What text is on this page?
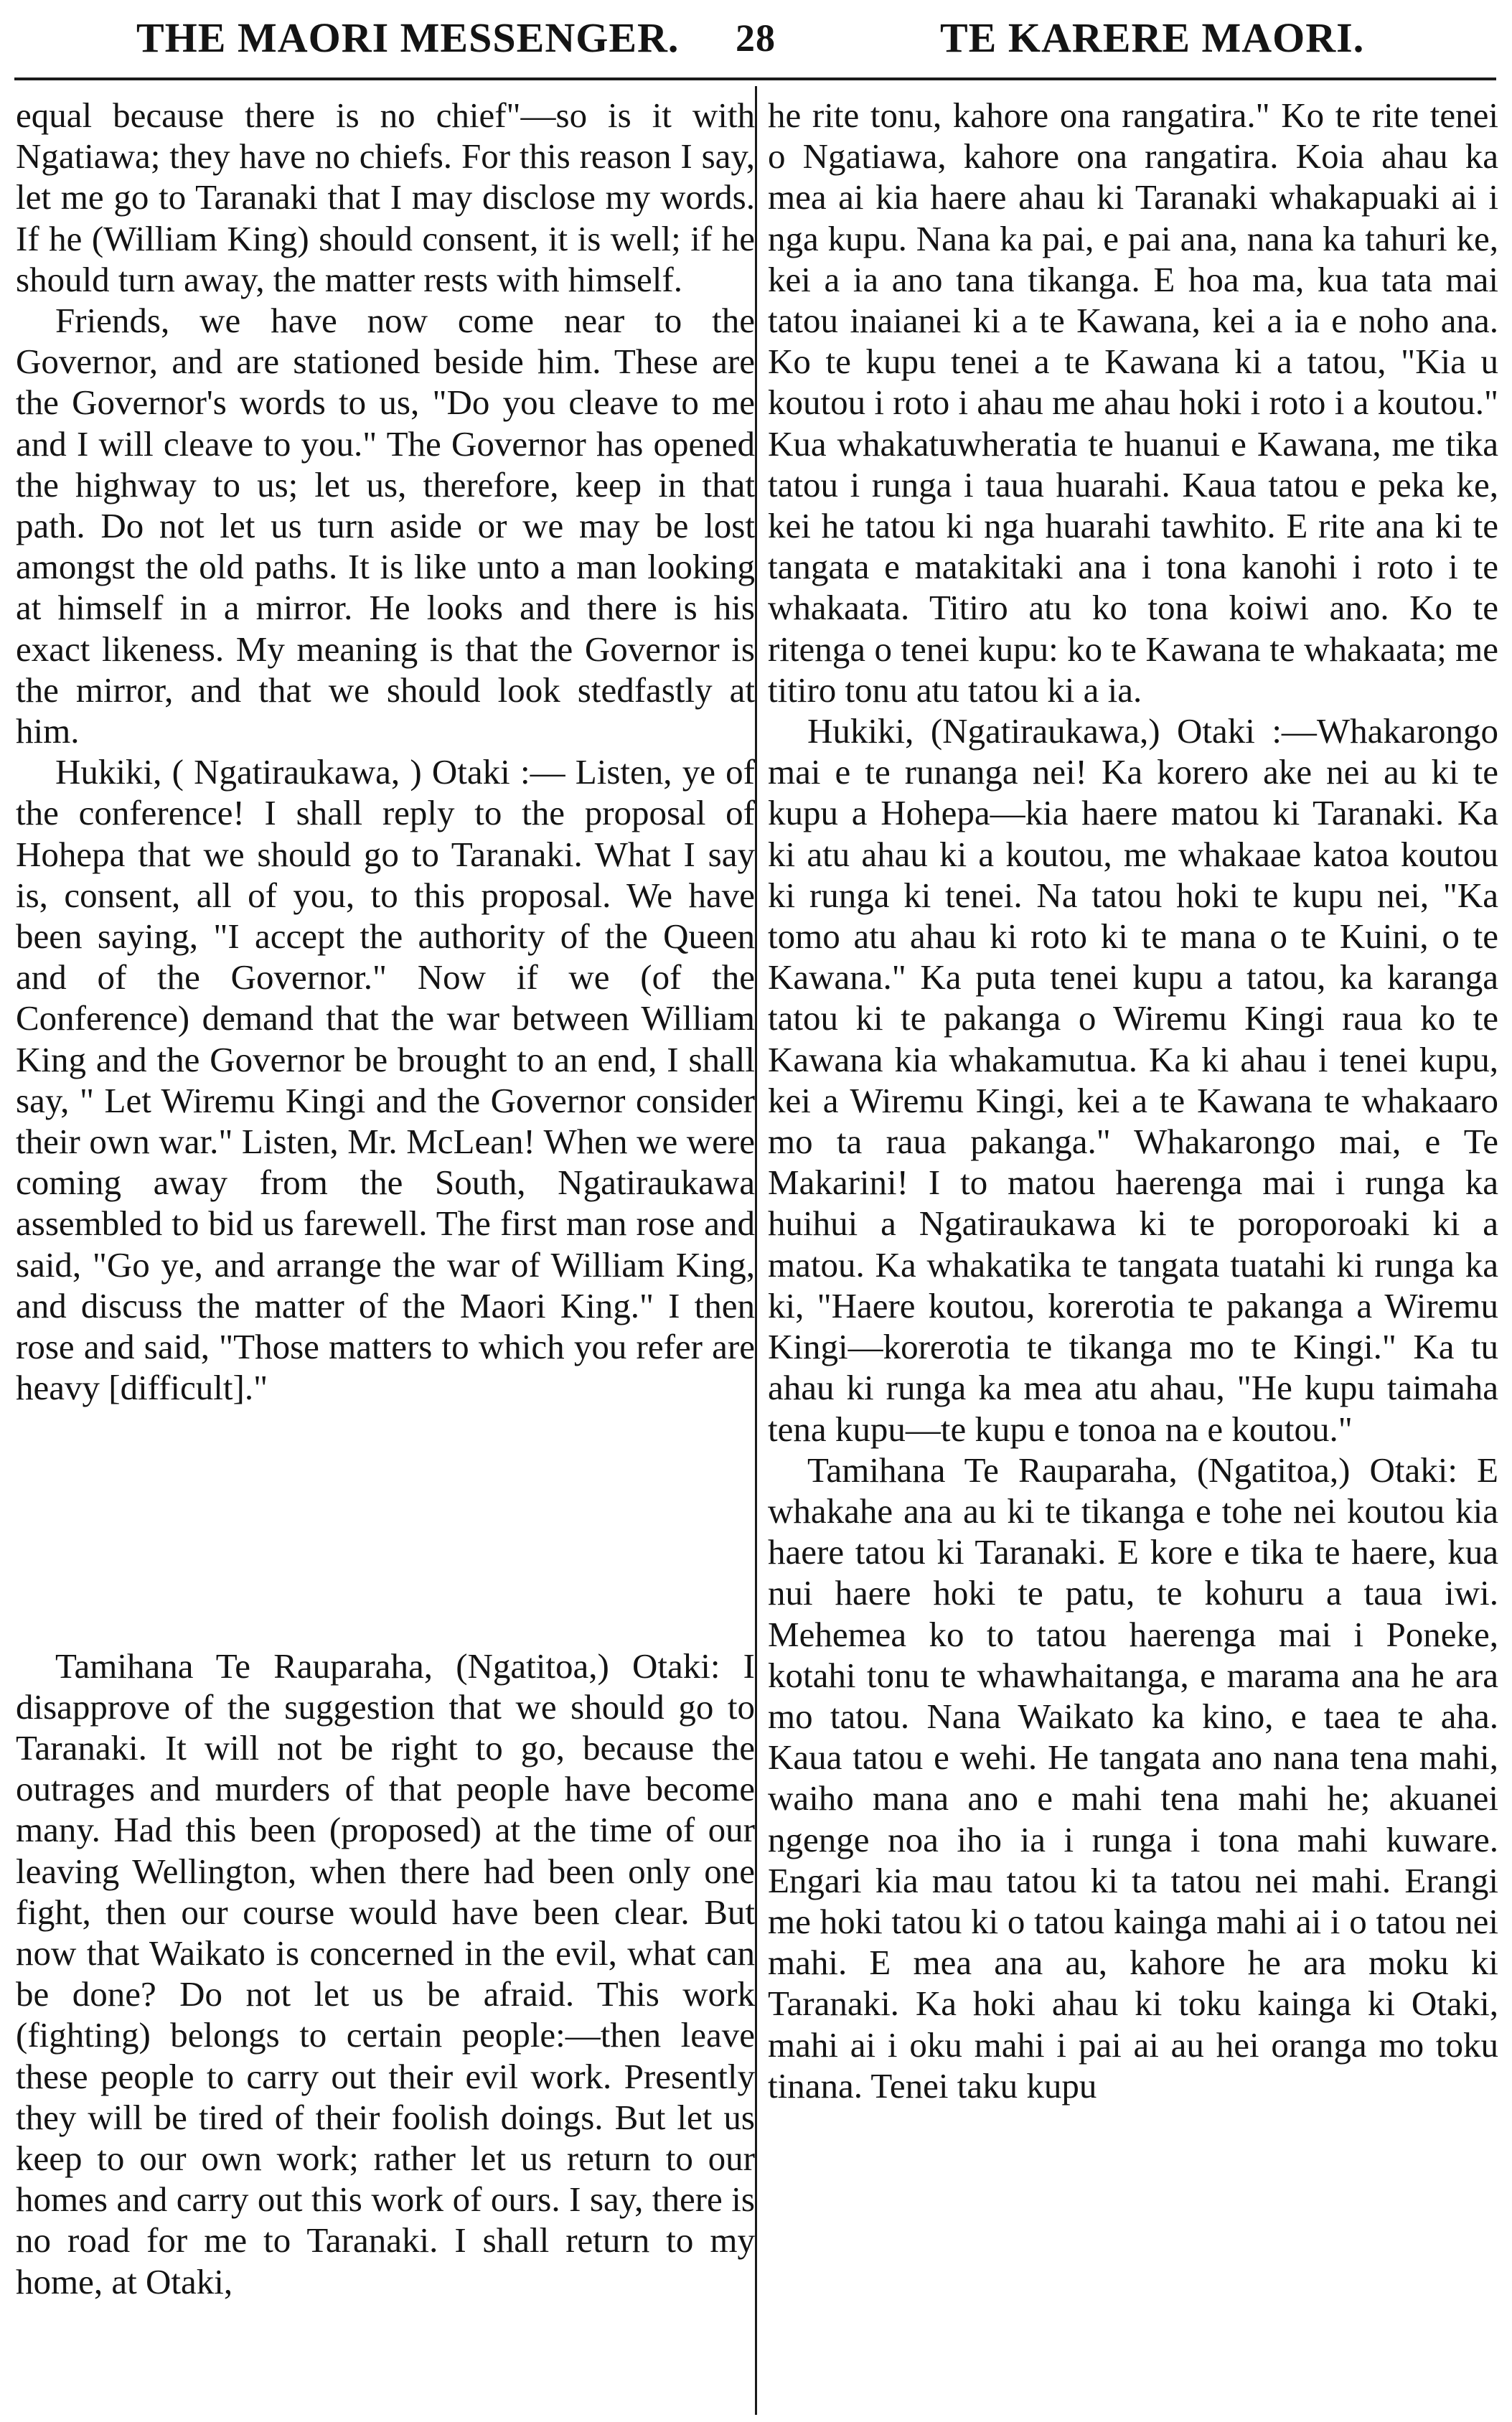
THE MAORI MESSENGER. 28	TE KARERE MAORI.

equal because there is no chief"—so is it with Ngatiawa; they have no chiefs. For this reason I say, let me go to Taranaki that I may disclose my words. If he (William King) should consent, it is well; if he should turn away, the matter rests with himself.

Friends, we have now come near to the Governor, and are stationed beside him. These are the Governor's words to us, "Do you cleave to me and I will cleave to you." The Governor has opened the highway to us; let us, therefore, keep in that path. Do not let us turn aside or we may be lost amongst the old paths. It is like unto a man looking at himself in a mirror. He looks and there is his exact likeness. My meaning is that the Governor is the mirror, and that we should look stedfastly at him.

Hukiki, ( Ngatiraukawa, ) Otaki :— Listen, ye of the conference! I shall reply to the proposal of Hohepa that we should go to Taranaki. What I say is, consent, all of you, to this proposal. We have been saying, "I accept the authority of the Queen and of the Governor." Now if we (of the Conference) demand that the war between William King and the Governor be brought to an end, I shall say, " Let Wiremu Kingi and the Governor consider their own war." Listen, Mr. McLean! When we were coming away from the South, Ngatiraukawa assembled to bid us farewell. The first man rose and said, "Go ye, and arrange the war of William King, and discuss the matter of the Maori King." I then rose and said, "Those matters to which you refer are heavy [difficult]."

Tamihana Te Rauparaha, (Ngatitoa,) Otaki: I disapprove of the suggestion that we should go to Taranaki. It will not be right to go, because the outrages and murders of that people have become many. Had this been (proposed) at the time of our leaving Wellington, when there had been only one fight, then our course would have been clear. But now that Waikato is concerned in the evil, what can be done? Do not let us be afraid. This work (fighting) belongs to certain people:—then leave these people to carry out their evil work. Presently they will be tired of their foolish doings. But let us keep to our own work; rather let us return to our homes and carry out this work of ours. I say, there is no road for me to Taranaki. I shall return to my home, at Otaki,

he rite tonu, kahore ona rangatira." Ko te rite tenei o Ngatiawa, kahore ona rangatira. Koia ahau ka mea ai kia haere ahau ki Taranaki whakapuaki ai i nga kupu. Nana ka pai, e pai ana, nana ka tahuri ke, kei a ia ano tana tikanga. E hoa ma, kua tata mai tatou inaianei ki a te Kawana, kei a ia e noho ana. Ko te kupu tenei a te Kawana ki a tatou, "Kia u koutou i roto i ahau me ahau hoki i roto i a koutou." Kua whakatuwheratia te huanui e Kawana, me tika tatou i runga i taua huarahi. Kaua tatou e peka ke, kei he tatou ki nga huarahi tawhito. E rite ana ki te tangata e matakitaki ana i tona kanohi i roto i te whakaata. Titiro atu ko tona koiwi ano. Ko te ritenga o tenei kupu: ko te Kawana te whakaata; me titiro tonu atu tatou ki a ia.

Hukiki, (Ngatiraukawa,) Otaki :—Whakarongo mai e te runanga nei! Ka korero ake nei au ki te kupu a Hohepa—kia haere matou ki Taranaki. Ka ki atu ahau ki a koutou, me whakaae katoa koutou ki runga ki tenei. Na tatou hoki te kupu nei, "Ka tomo atu ahau ki roto ki te mana o te Kuini, o te Kawana." Ka puta tenei kupu a tatou, ka karanga tatou ki te pakanga o Wiremu Kingi raua ko te Kawana kia whakamutua. Ka ki ahau i tenei kupu, kei a Wiremu Kingi, kei a te Kawana te whakaaro mo ta raua pakanga." Whakarongo mai, e Te Makarini! I to matou haerenga mai i runga ka huihui a Ngatiraukawa ki te poroporoaki ki a matou. Ka whakatika te tangata tuatahi ki runga ka ki, "Haere koutou, korerotia te pakanga a Wiremu Kingi—korerotia te tikanga mo te Kingi." Ka tu ahau ki runga ka mea atu ahau, "He kupu taimaha tena kupu—te kupu e tonoa na e koutou."

Tamihana Te Rauparaha, (Ngatitoa,) Otaki: E whakahe ana au ki te tikanga e tohe nei koutou kia haere tatou ki Taranaki. E kore e tika te haere, kua nui haere hoki te patu, te kohuru a taua iwi. Mehemea ko to tatou haerenga mai i Poneke, kotahi tonu te whawhaitanga, e marama ana he ara mo tatou. Nana Waikato ka kino, e taea te aha. Kaua tatou e wehi. He tangata ano nana tena mahi, waiho mana ano e mahi tena mahi he; akuanei ngenge noa iho ia i runga i tona mahi kuware. Engari kia mau tatou ki ta tatou nei mahi. Erangi me hoki tatou ki o tatou kainga mahi ai i o tatou nei mahi. E mea ana au, kahore he ara moku ki Taranaki. Ka hoki ahau ki toku kainga ki Otaki, mahi ai i oku mahi i pai ai au hei oranga mo toku tinana. Tenei taku kupu
